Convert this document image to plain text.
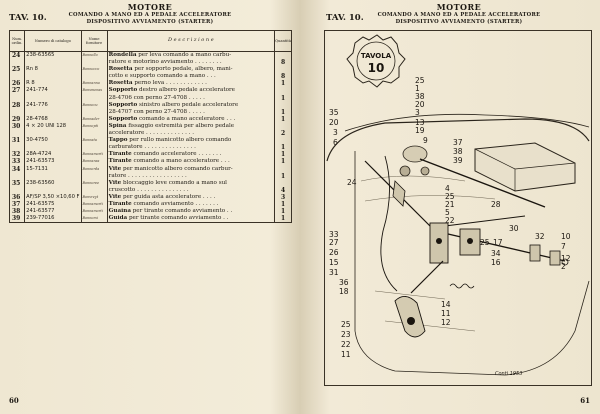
TAV. 10.
MOTORE
COMANDO A MANO ED A PEDALE ACCELERATORE
DISPOSITIVO AVVIAMENTO (STARTER)
Num. ordin.	Numero di catalogo	Nome fornitore	D e s c r i z i o n e	Quantità
24	238-63565	Bonnello	Rondella per leva comando a mano carbu-	
			ratore e motorino avviamento . . . . . . . .	8
25	Rn 8	Bonnocco	Rosetta per sopporto pedale, albero, mani-	
			cotto e supporto comando a mano . . .	8
26	R 8	Bonnanno	Rosetta perno leva . . . . . . . . . . . .	1
27	241-774	Bonsmenas	Sopporto destro albero pedale acceleratore	
			28-4706 con perno 27-4708 . . . . .	1
28	241-776	Bonnecu	Sopporto sinistro albero pedale acceleratore	
			28-4707 con perno 27-4708 . . . . .	1
29	28-4768	Bonnader	Sopporto comando a mano acceleratore . . .	1
30	4 × 20 UNI 128	Bonnepti	Spina fissaggio estremità per albero pedale	
			acceleratore . . . . . . . . . . . . . .	2
31	30-4750	Bonnata	Tappo per rullo manicotto albero comando	
			carburatore . . . . . . . . . . . . . . .	1
32	28A-4724	Bonnamorti	Tirante comando acceleratore . . . . . . .	1
33	241-63573	Bonnansa	Tirante comando a mano acceleratore . . .	1
34	15-7131	Bonnerda	Vite per manicotto albero comando carbur-	
			ratore . . . . . . . . . . . . . . . . .	1
35	238-63560	Bonnoree	Vite bloccaggio leve comando a mano sul	
			cruscotto . . . . . . . . . . . . . . .	4
36	AF/SP 3,50 ×10,60 F	Bonvreyt	Vite per guida asta acceleratore . . . .	3
37	241-63575	Bonnamorti	Tirante comando avviamento . . . . . . .	1
38	241-63577	Bonnamorti	Guaina per tirante comando avviamento . .	1
39	239-77016	Bonnomi	Guida per tirante comando avviamento . .	1
60
TAV. 10.
MOTORE
COMANDO A MANO ED A PEDALE ACCELERATORE
DISPOSITIVO AVVIAMENTO (STARTER)
TAVOLA
10
35
20
3
6
24
25
1
38
20
3
13
19
9	37
38
39
4
25
21
5
22
28
30
25 17
34
16
32 10
7
12
2
33
27
26
15
31
36
18
14
11
12
25
23
22
11
Conti 1953
61
